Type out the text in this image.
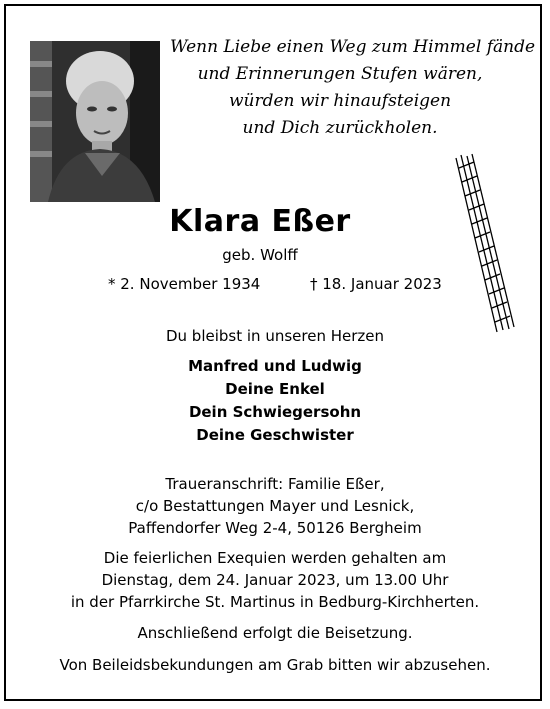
Wenn Liebe einen Weg zum Himmel fände
und Erinnerungen Stufen wären,
würden wir hinaufsteigen
und Dich zurückholen.
Klara Eßer
geb. Wolff
* 2. November 1934	† 18. Januar 2023
Du bleibst in unseren Herzen
Manfred und Ludwig
Deine Enkel
Dein Schwiegersohn
Deine Geschwister
Traueranschrift: Familie Eßer,
c/o Bestattungen Mayer und Lesnick,
Paffendorfer Weg 2-4, 50126 Bergheim
Die feierlichen Exequien werden gehalten am
Dienstag, dem 24. Januar 2023, um 13.00 Uhr
in der Pfarrkirche St. Martinus in Bedburg-Kirchherten.
Anschließend erfolgt die Beisetzung.
Von Beileidsbekundungen am Grab bitten wir abzusehen.
